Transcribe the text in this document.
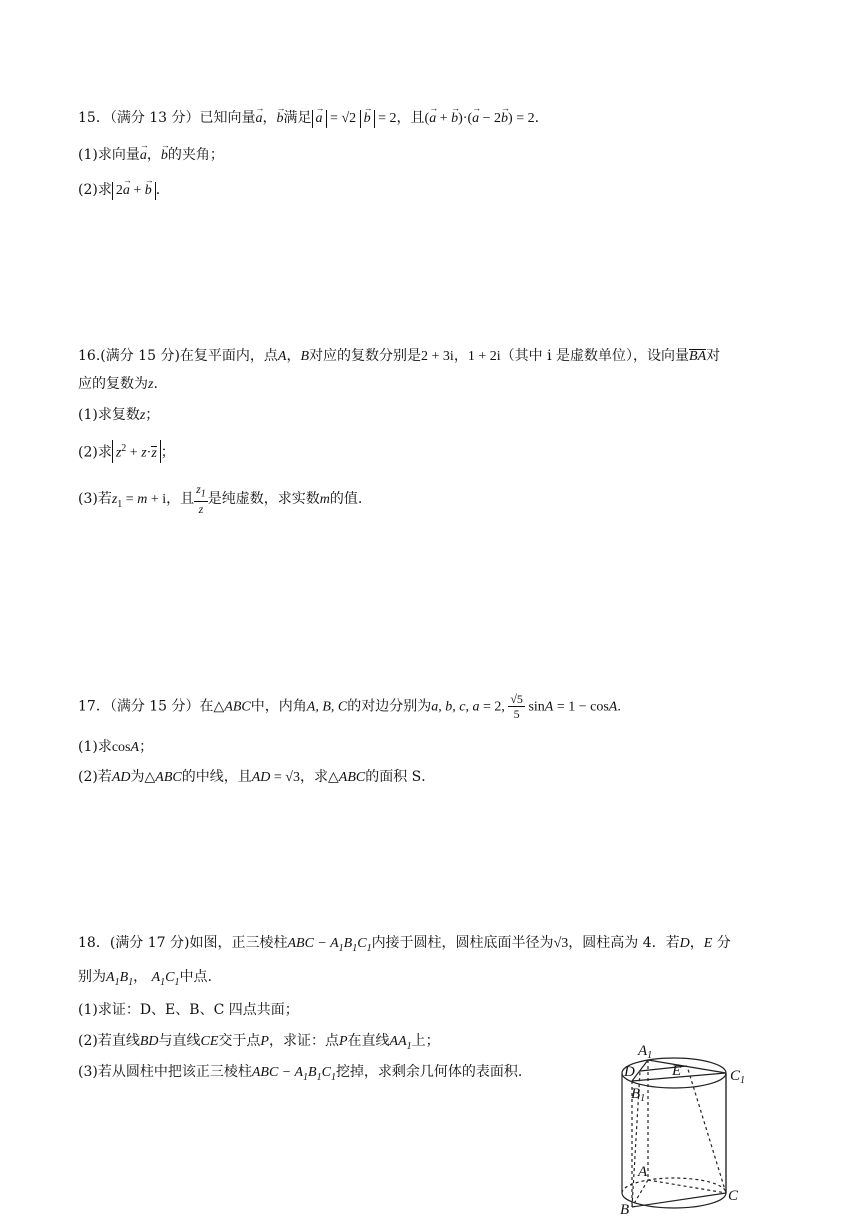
15．（满分 13 分）已知向量→ a，→ b满足→ a = √2 → b = 2，且(→ a + → b)·(→ a − 2→ b) = 2.
(1)求向量→ a，→ b的夹角；
(2)求 2→ a + → b .
16.(满分 15 分)在复平面内，点A，B对应的复数分别是2 + 3i，1 + 2i（其中 i 是虚数单位），设向量BA对
应的复数为z.
(1)求复数z；
(2)求 $z^2 + z\cdot z$ ；
(3)若$z_1 = m + i$，且 $\frac{z_1}{z}$ 是纯虚数，求实数m的值.
17．（满分 15 分）在△ABC中，内角A, B, C的对边分别为a, b, c, a = 2, $\frac{√5}{5}$ sinA = 1 − cosA.
(1)求cosA；
(2)若AD为△ABC的中线，且AD = √3，求△ABC的面积 S．
18．(满分 17 分)如图，正三棱柱ABC − $A_1B_1C_1$内接于圆柱，圆柱底面半径为√3，圆柱高为 4．若D，E 分
别为$A_1B_1$， $A_1C_1$中点.
(1)求证：D、E、B、C 四点共面；
(2)若直线BD与直线CE交于点P，求证：点P在直线$AA_1$上；
(3)若从圆柱中把该正三棱柱ABC − $A_1B_1C_1$挖掉，求剩余几何体的表面积.
$A_1$
D E	$C_1$
$B_1$
A
C
B
